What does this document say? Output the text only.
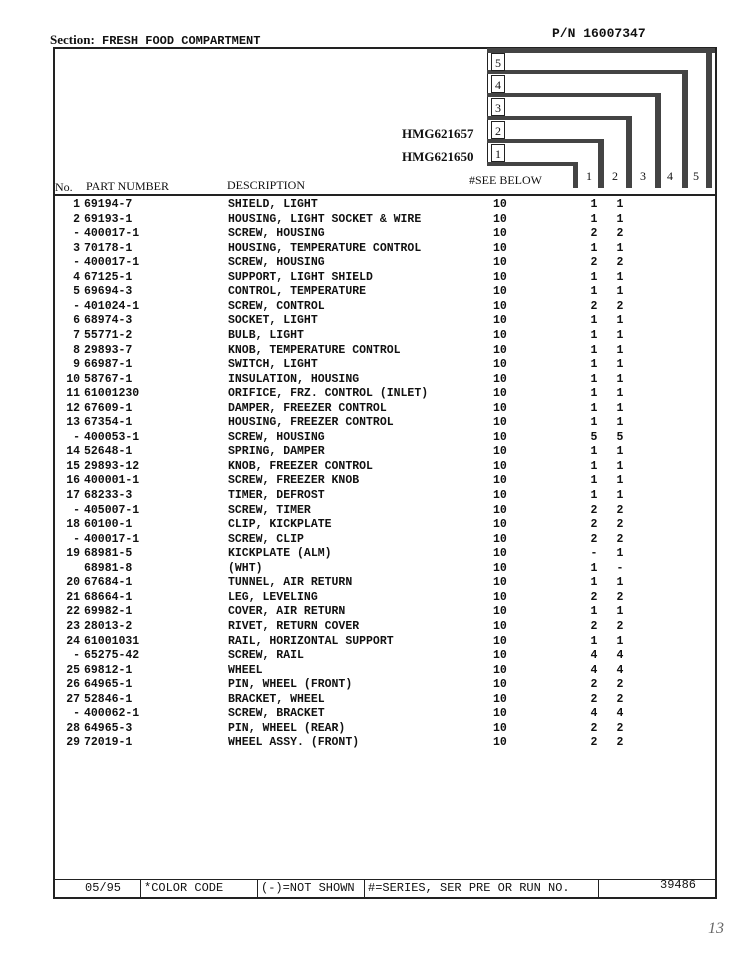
Section: FRESH FOOD COMPARTMENT	P/N 16007347
5
4
3
2
1
HMG621657
HMG621650
No. PART NUMBER	DESCRIPTION	#SEE BELOW	1	2	3	4	5
1 69194-7	SHIELD, LIGHT	10	1	1
2 69193-1	HOUSING, LIGHT SOCKET & WIRE	10	1	1
- 400017-1	SCREW, HOUSING	10	2	2
3 70178-1	HOUSING, TEMPERATURE CONTROL	10	1	1
- 400017-1	SCREW, HOUSING	10	2	2
4 67125-1	SUPPORT, LIGHT SHIELD	10	1	1
5 69694-3	CONTROL, TEMPERATURE	10	1	1
- 401024-1	SCREW, CONTROL	10	2	2
6 68974-3	SOCKET, LIGHT	10	1	1
7 55771-2	BULB, LIGHT	10	1	1
8 29893-7	KNOB, TEMPERATURE CONTROL	10	1	1
9 66987-1	SWITCH, LIGHT	10	1	1
10 58767-1	INSULATION, HOUSING	10	1	1
11 61001230	ORIFICE, FRZ. CONTROL (INLET)	10	1	1
12 67609-1	DAMPER, FREEZER CONTROL	10	1	1
13 67354-1	HOUSING, FREEZER CONTROL	10	1	1
- 400053-1	SCREW, HOUSING	10	5	5
14 52648-1	SPRING, DAMPER	10	1	1
15 29893-12	KNOB, FREEZER CONTROL	10	1	1
16 400001-1	SCREW, FREEZER KNOB	10	1	1
17 68233-3	TIMER, DEFROST	10	1	1
- 405007-1	SCREW, TIMER	10	2	2
18 60100-1	CLIP, KICKPLATE	10	2	2
- 400017-1	SCREW, CLIP	10	2	2
19 68981-5	KICKPLATE (ALM)	10	-	1
68981-8	(WHT)	10	1	-
20 67684-1	TUNNEL, AIR RETURN	10	1	1
21 68664-1	LEG, LEVELING	10	2	2
22 69982-1	COVER, AIR RETURN	10	1	1
23 28013-2	RIVET, RETURN COVER	10	2	2
24 61001031	RAIL, HORIZONTAL SUPPORT	10	1	1
- 65275-42	SCREW, RAIL	10	4	4
25 69812-1	WHEEL	10	4	4
26 64965-1	PIN, WHEEL (FRONT)	10	2	2
27 52846-1	BRACKET, WHEEL	10	2	2
- 400062-1	SCREW, BRACKET	10	4	4
28 64965-3	PIN, WHEEL (REAR)	10	2	2
29 72019-1	WHEEL ASSY. (FRONT)	10	2	2
05/95 *COLOR CODE	(-)=NOT SHOWN #=SERIES, SER PRE OR RUN NO.	39486
13
